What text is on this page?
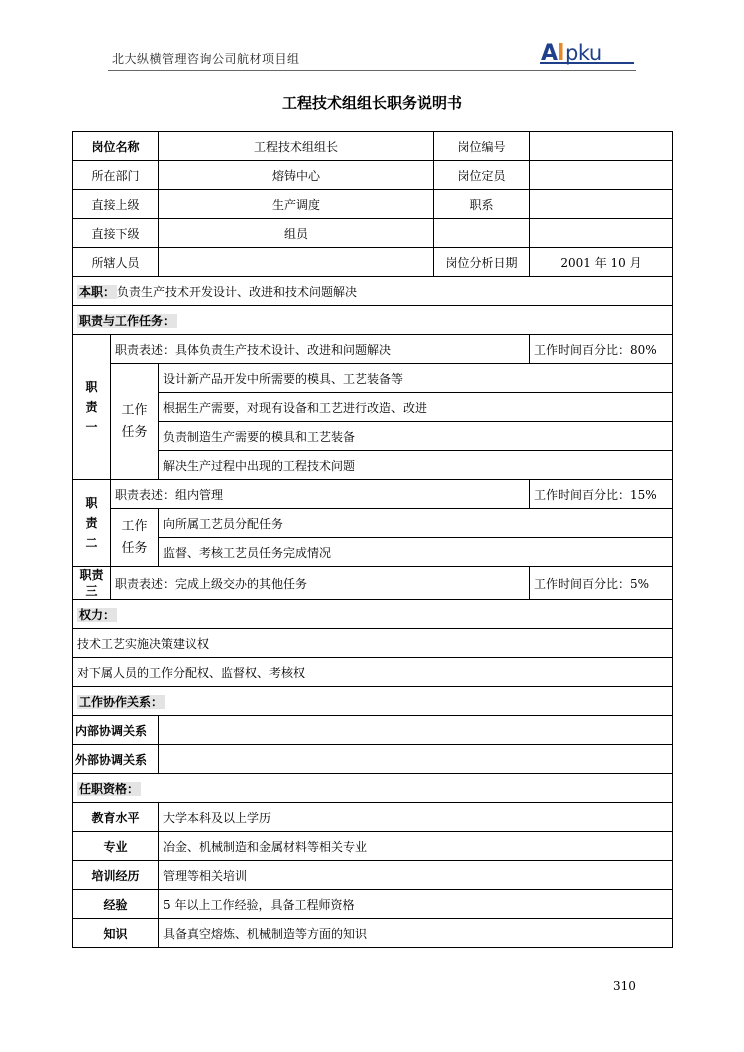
北大纵横管理咨询公司航材项目组	A pku
工程技术组组长职务说明书
岗位名称		工程技术组组长	岗位编号	
所在部门		熔铸中心	岗位定员	
直接上级		生产调度	职系	
直接下级		组员		
所辖人员			岗位分析日期	2001 年 10 月
本职： 负责生产技术开发设计、改进和技术问题解决				
职责与工作任务：				
职责一	职责表述：具体负责生产技术设计、改进和问题解决			工作时间百分比：80%
	工作任务	设计新产品开发中所需要的模具、工艺装备等		
		根据生产需要，对现有设备和工艺进行改造、改进		
		负责制造生产需要的模具和工艺装备		
		解决生产过程中出现的工程技术问题		
职责二	职责表述：组内管理			工作时间百分比：15%
	工作任务	向所属工艺员分配任务		
		监督、考核工艺员任务完成情况		
职责三	职责表述：完成上级交办的其他任务			工作时间百分比：5%
权力：				
技术工艺实施决策建议权				
对下属人员的工作分配权、监督权、考核权				
工作协作关系：				
内部协调关系				
外部协调关系				
任职资格：				
教育水平		大学本科及以上学历		
专业		冶金、机械制造和金属材料等相关专业		
培训经历		管理等相关培训		
经验		5 年以上工作经验，具备工程师资格		
知识		具备真空熔炼、机械制造等方面的知识		
310
